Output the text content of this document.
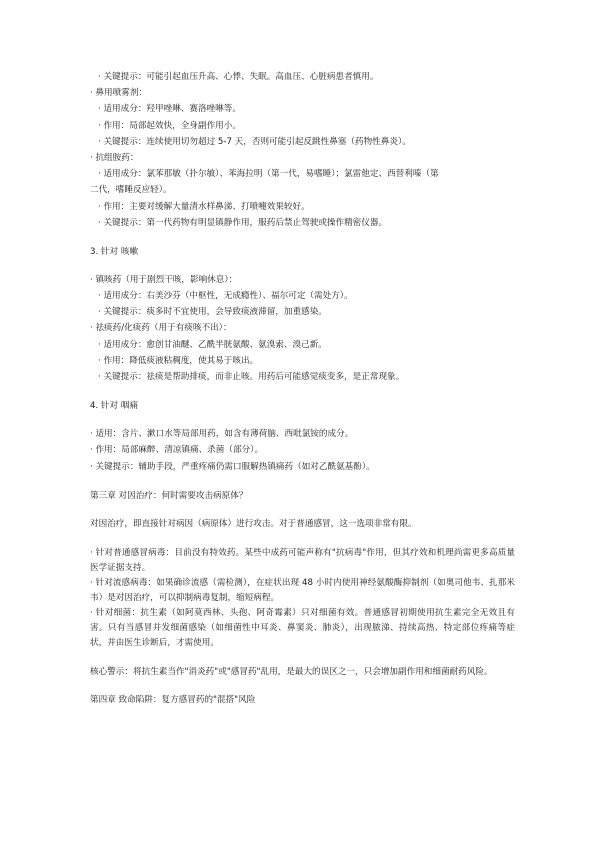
· 关键提示：可能引起血压升高、心悸、失眠。高血压、心脏病患者慎用。
· 鼻用喷雾剂：
· 适用成分：羟甲唑啉、赛洛唑啉等。
· 作用：局部起效快，全身副作用小。
· 关键提示：连续使用切勿超过 5-7 天，否则可能引起反跳性鼻塞（药物性鼻炎）。
· 抗组胺药：
· 适用成分：氯苯那敏（扑尔敏）、苯海拉明（第一代，易嗜睡）；氯雷他定、西替利嗪（第
二代，嗜睡反应轻）。
· 作用：主要对缓解大量清水样鼻涕、打喷嚏效果较好。
· 关键提示：第一代药物有明显镇静作用，服药后禁止驾驶或操作精密仪器。
3. 针对 咳嗽
· 镇咳药（用于剧烈干咳，影响休息）：
· 适用成分：右美沙芬（中枢性，无成瘾性）、福尔可定（需处方）。
· 关键提示：痰多时不宜使用，会导致痰液滞留，加重感染。
· 祛痰药/化痰药（用于有痰咳不出）：
· 适用成分：愈创甘油醚、乙酰半胱氨酸、氨溴索、溴己新。
· 作用：降低痰液粘稠度，使其易于咳出。
· 关键提示：祛痰是帮助排痰，而非止咳。用药后可能感觉痰变多，是正常现象。
4. 针对 咽痛
· 适用：含片、漱口水等局部用药，如含有薄荷脑、西吡氯铵的成分。
· 作用：局部麻醉、清凉镇痛、杀菌（部分）。
· 关键提示：辅助手段，严重疼痛仍需口服解热镇痛药（如对乙酰氨基酚）。
第三章 对因治疗：何时需要攻击病原体？

对因治疗，即直接针对病因（病原体）进行攻击。对于普通感冒，这一选项非常有限。

· 针对普通感冒病毒：目前没有特效药。某些中成药可能声称有"抗病毒"作用，但其疗效和机理尚需更多高质量医学证据支持。

· 针对流感病毒：如果确诊流感（需检测），在症状出现 48 小时内使用神经氨酸酶抑制剂（如奥司他韦、扎那米韦）是对因治疗，可以抑制病毒复制，缩短病程。

· 针对细菌：抗生素（如阿莫西林、头孢、阿奇霉素）只对细菌有效。普通感冒初期使用抗生素完全无效且有害。只有当感冒并发细菌感染（如细菌性中耳炎、鼻窦炎、肺炎），出现脓涕、持续高热、特定部位疼痛等症状，并由医生诊断后，才需使用。

核心警示：将抗生素当作"消炎药"或"感冒药"乱用，是最大的误区之一，只会增加副作用和细菌耐药风险。

第四章 致命陷阱：复方感冒药的"混搭"风险
